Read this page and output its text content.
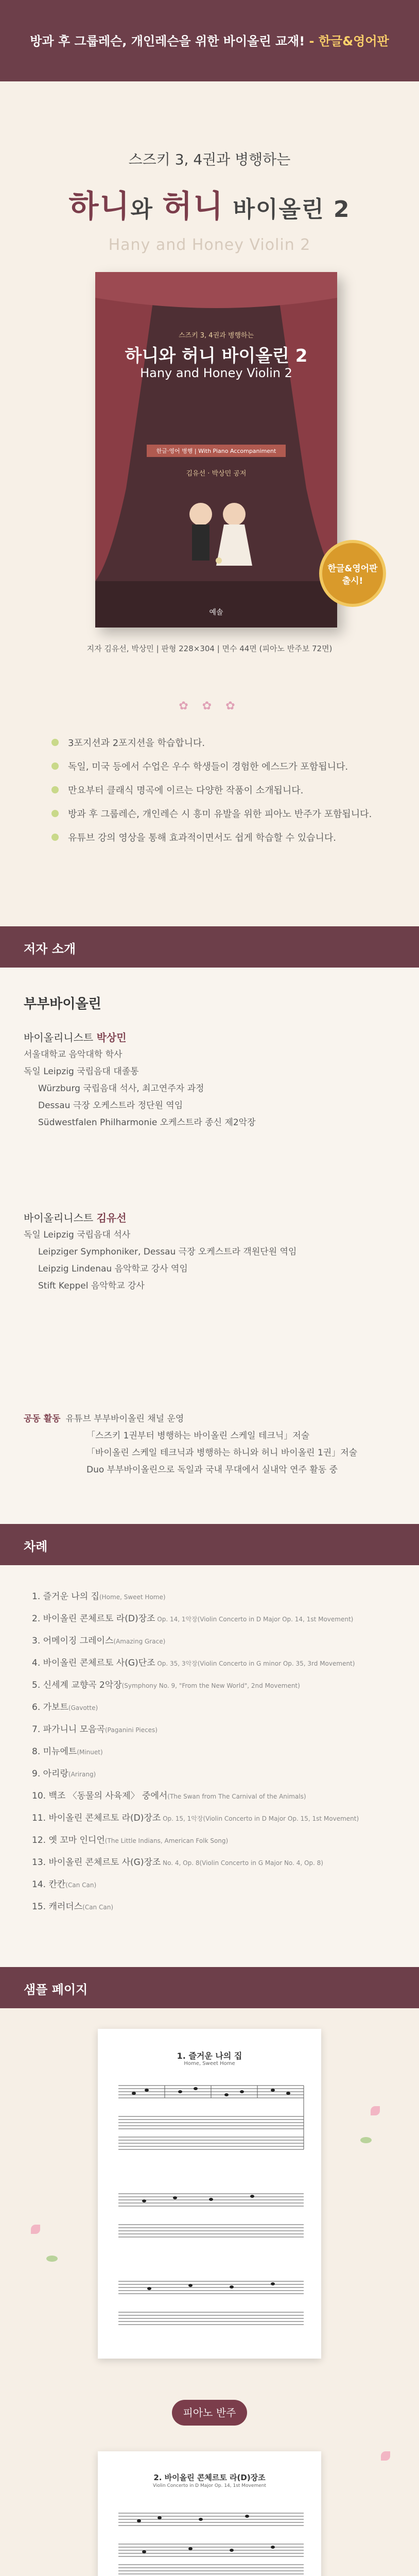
방과 후 그룹레슨, 개인레슨을 위한 바이올린 교재! - 한글&영어판
스즈키 3, 4권과 병행하는
하니와 허니 바이올린 2
Hany and Honey Violin 2
스즈키 3, 4권과 병행하는
하니와 허니 바이올린 2
Hany and Honey Violin 2
한글·영어 병행 | With Piano Accompaniment
김유선 · 박상민 공저
예솔
한글&영어판
출시!
지자 김유선, 박상민 | 판형 228×304 | 면수 44면 (피아노 반주보 72면)
✿ ✿ ✿
3포지션과 2포지션을 학습합니다.
독일, 미국 등에서 수업은 우수 학생들이 경험한 에스드가 포함됩니다.
만요부터 클래식 명곡에 이르는 다양한 작품이 소개됩니다.
방과 후 그룹레슨, 개인레슨 시 흥미 유발을 위한 피아노 반주가 포함됩니다.
유튜브 강의 영상을 통해 효과적이면서도 쉽게 학습할 수 있습니다.
저자 소개
부부바이올린
바이올리니스트 박상민
서울대학교 음악대학 학사
독일 Leipzig 국립음대 대졸통
Würzburg 국립음대 석사, 최고연주자 과정
Dessau 극장 오케스트라 정단원 역임
Südwestfalen Philharmonie 오케스트라 종신 제2악장
바이올리니스트 김유선
독일 Leipzig 국립음대 석사
Leipziger Symphoniker, Dessau 극장 오케스트라 객원단원 역임
Leipzig Lindenau 음악학교 강사 역임
Stift Keppel 음악학교 강사
공동 활동 유튜브 부부바이올린 채널 운영
「스즈키 1권부터 병행하는 바이올린 스케일 테크닉」저술
「바이올린 스케일 테크닉과 병행하는 하니와 허니 바이올린 1권」저술
Duo 부부바이올린으로 독일과 국내 무대에서 실내악 연주 활동 중
차례
1. 즐거운 나의 집(Home, Sweet Home)
2. 바이올린 콘체르토 라(D)장조 Op. 14, 1악장(Violin Concerto in D Major Op. 14, 1st Movement)
3. 어메이징 그레이스(Amazing Grace)
4. 바이올린 콘체르토 사(G)단조 Op. 35, 3악장(Violin Concerto in G minor Op. 35, 3rd Movement)
5. 신세계 교향곡 2악장(Symphony No. 9, "From the New World", 2nd Movement)
6. 가보트(Gavotte)
7. 파가니니 모음곡(Paganini Pieces)
8. 미뉴에트(Minuet)
9. 아리랑(Arirang)
10. 백조 〈동물의 사육제〉 중에서(The Swan from The Carnival of the Animals)
11. 바이올린 콘체르토 라(D)장조 Op. 15, 1악장(Violin Concerto in D Major Op. 15, 1st Movement)
12. 옛 꼬마 인디언(The Little Indians, American Folk Song)
13. 바이올린 콘체르토 사(G)장조 No. 4, Op. 8(Violin Concerto in G Major No. 4, Op. 8)
14. 칸칸(Can Can)
15. 캐러더스(Can Can)
샘플 페이지
1. 즐거운 나의 집
Home, Sweet Home
피아노 반주
2. 바이올린 콘체르토 라(D)장조
Violin Concerto in D Major Op. 14, 1st Movement
